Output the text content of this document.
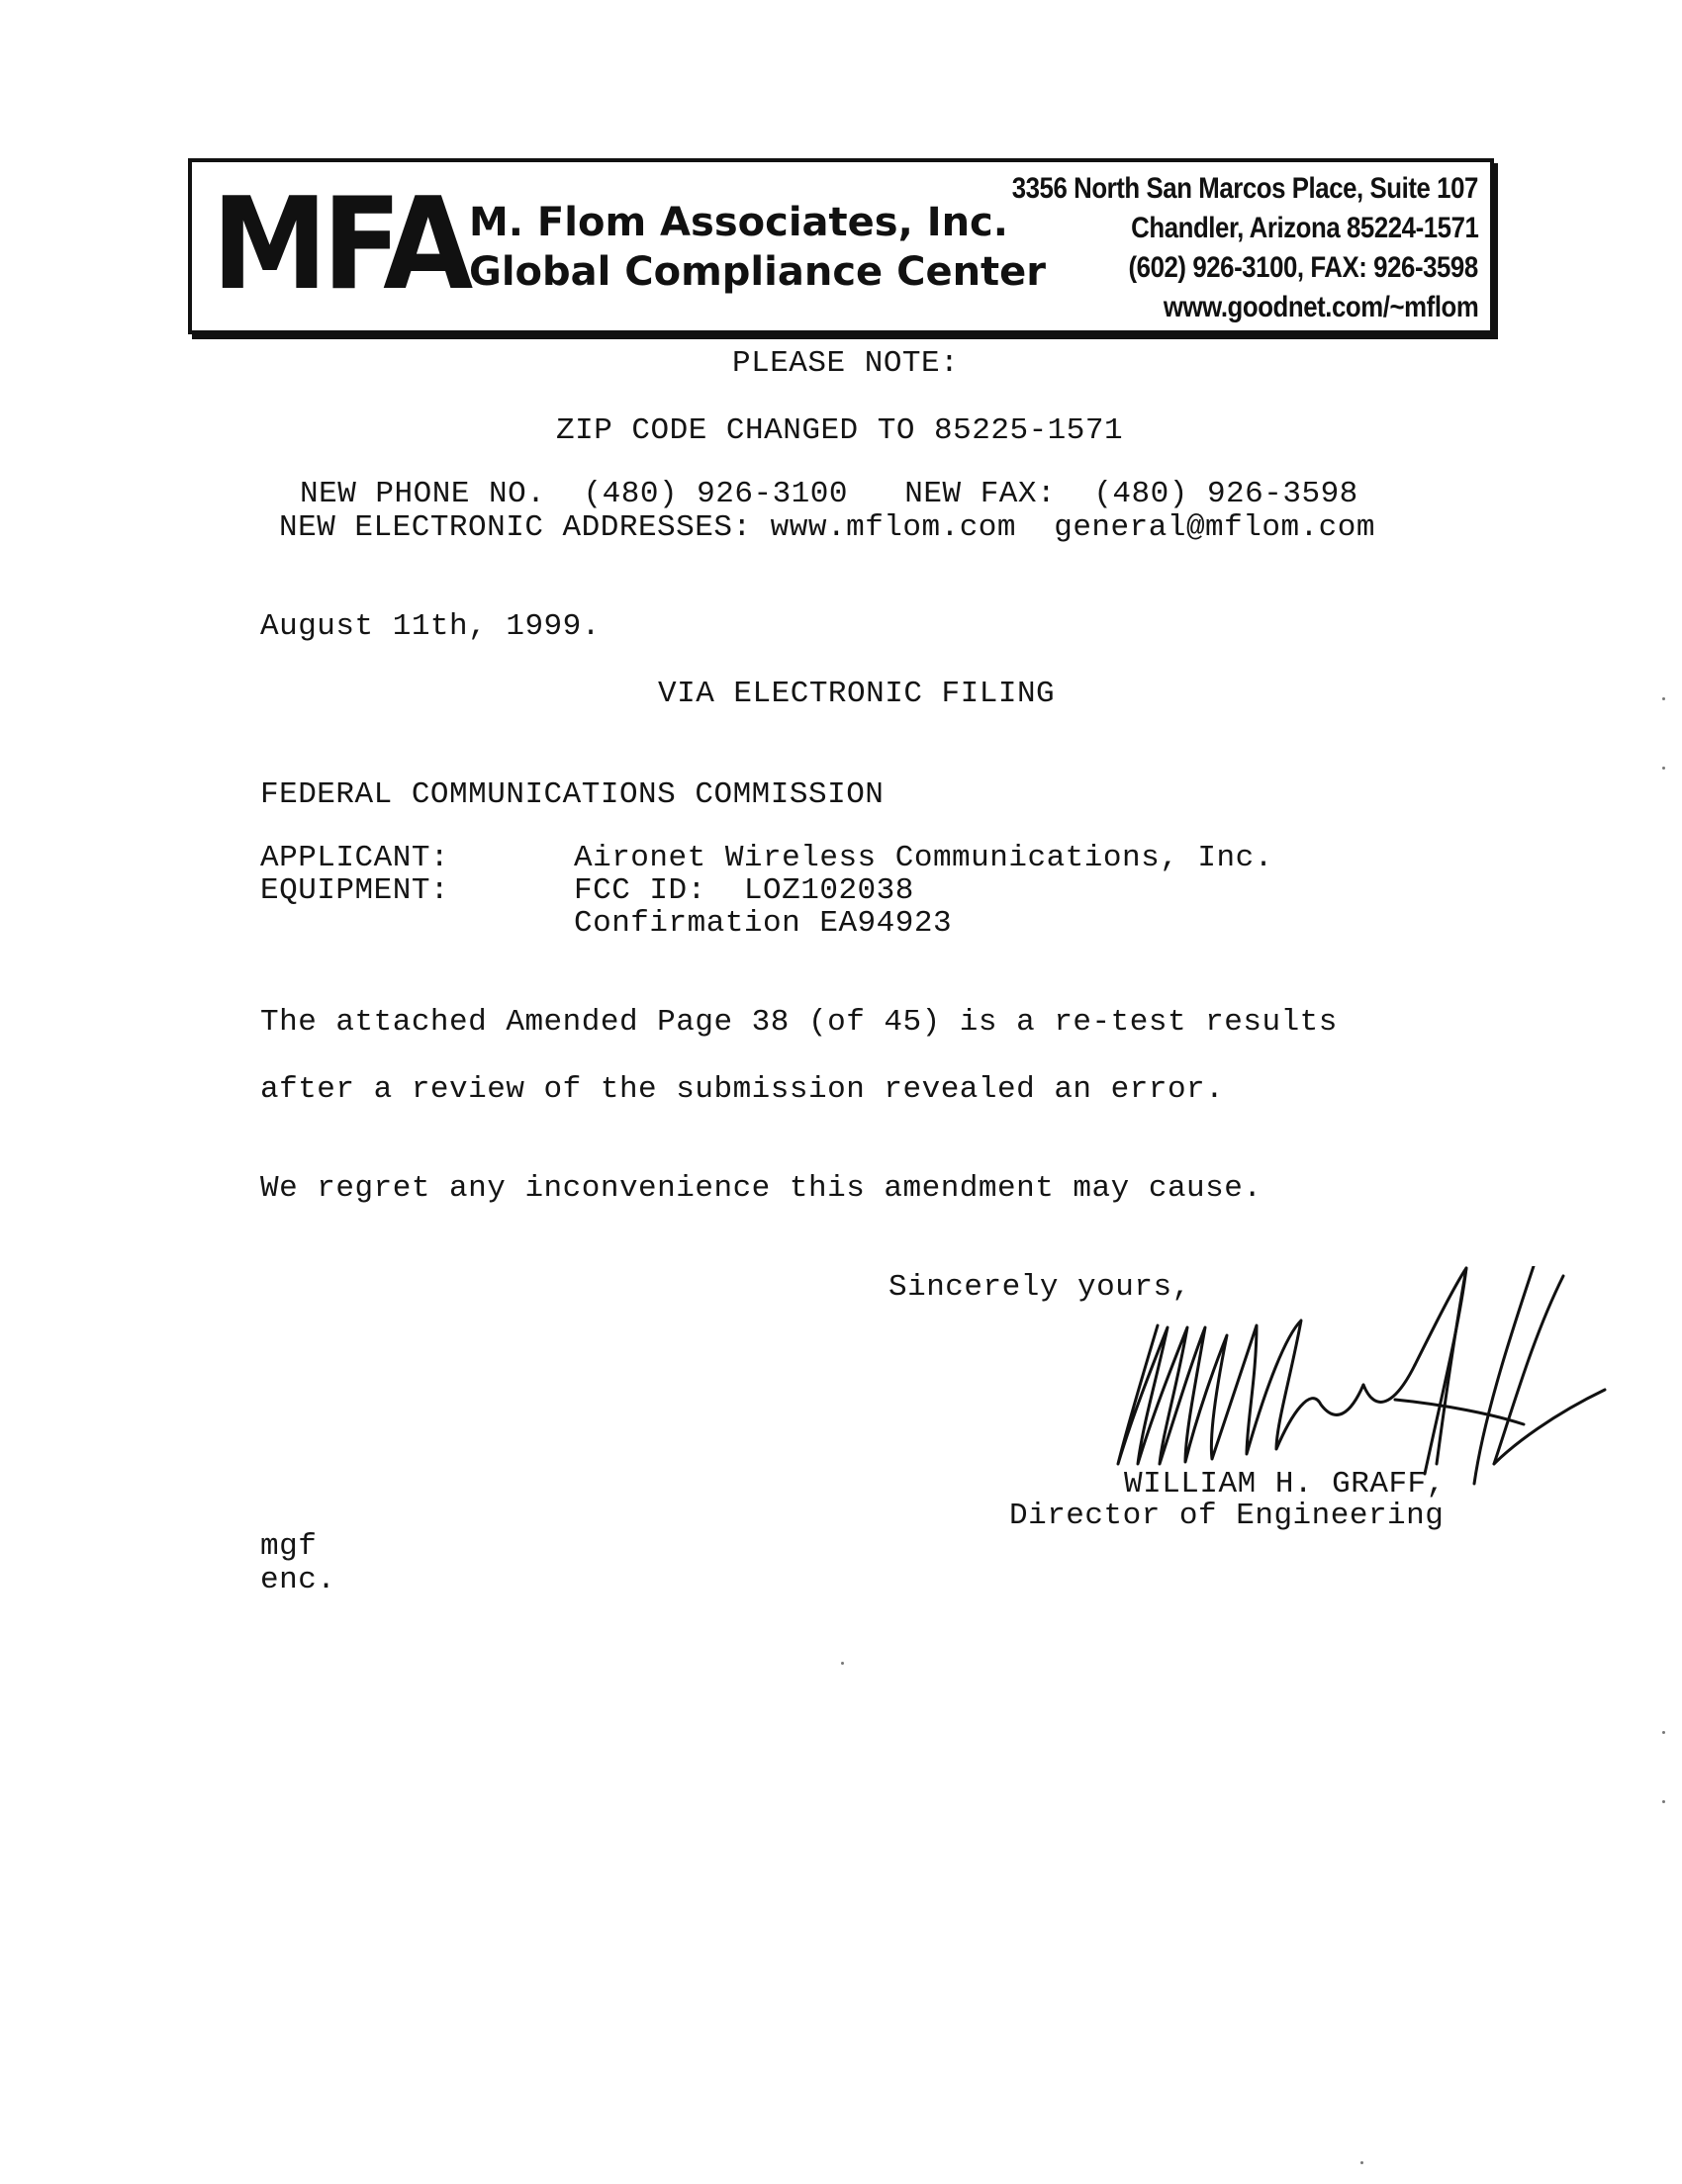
MFA M. Flom Associates, Inc.
Global Compliance Center
3356 North San Marcos Place, Suite 107
Chandler, Arizona 85224-1571
(602) 926-3100, FAX: 926-3598
www.goodnet.com/~mflom
PLEASE NOTE:
ZIP CODE CHANGED TO 85225-1571
NEW PHONE NO.  (480) 926-3100   NEW FAX:  (480) 926-3598
NEW ELECTRONIC ADDRESSES: www.mflom.com  general@mflom.com
August 11th, 1999.
VIA ELECTRONIC FILING
FEDERAL COMMUNICATIONS COMMISSION
APPLICANT:	Aironet Wireless Communications, Inc.
EQUIPMENT:	FCC ID:  LOZ102038
Confirmation EA94923
The attached Amended Page 38 (of 45) is a re-test results
after a review of the submission revealed an error.
We regret any inconvenience this amendment may cause.
Sincerely yours,
WILLIAM H. GRAFF,
Director of Engineering
mgf
enc.
